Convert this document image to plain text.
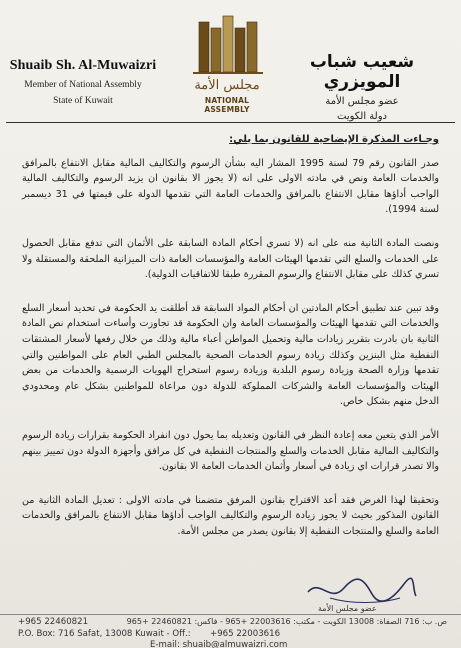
Shuaib Sh. Al-Muwaizri
Member of National Assembly
State of Kuwait
مجلس الأمة
NATIONAL ASSEMBLY
شعيب شباب المويزري
عضو مجلس الأمة
دولة الكويت

وجـاءت المذكرة الإيضاحية للقانون بما يلي:

صدر القانون رقم 79 لسنة 1995 المشار اليه بشأن الرسوم والتكاليف المالية مقابل الانتفاع بالمرافق والخدمات العامة ونص في مادته الاولى على انه (لا يجوز الا بقانون ان يزيد الرسوم والتكاليف المالية الواجب أداؤها مقابل الانتفاع بالمرافق والخدمات العامة التي تقدمها الدولة على قيمتها في 31 ديسمبر لسنة 1994).

ونصت المادة الثانية منه على انه (لا تسري أحكام المادة السابقة على الأثمان التي تدفع مقابل الحصول على الخدمات والسلع التي تقدمها الهيئات العامة والمؤسسات العامة ذات الميزانية الملحقة والمستقلة ولا تسري كذلك على مقابل الانتفاع والرسوم المقررة طبقا للاتفاقيات الدولية).

وقد تبين عند تطبيق أحكام المادتين ان أحكام المواد السابقة قد أطلقت يد الحكومة في تحديد أسعار السلع والخدمات التي تقدمها الهيئات والمؤسسات العامة وان الحكومة قد تجاوزت وأساءت استخدام نص المادة الثانية بان بادرت بتقرير زيادات مالية وتحميل المواطن أعباء مالية وذلك من خلال رفعها لأسعار المشتقات النفطية مثل البنزين وكذلك زيادة رسوم الخدمات الصحية بالمجلس الطبي العام على المواطنين والتي تقدمها وزارة الصحة وزيادة رسوم البلدية وزيادة رسوم استخراج الهويات الرسمية والخدمات من بعض الهيئات والمؤسسات العامة والشركات المملوكة للدولة دون مراعاة للمواطنين بشكل عام ومحدودي الدخل منهم بشكل خاص.

الأمر الذي يتعين معه إعادة النظر في القانون وتعديله بما يحول دون انفراد الحكومة بقرارات زيادة الرسوم والتكاليف المالية مقابل الخدمات والسلع والمنتجات النفطية في كل مرافق وأجهزة الدولة دون تمييز بينهم والا تصدر قرارات اي زيادة في أسعار وأثمان الخدمات العامة الا بقانون.

وتحقيقا لهذا الغرض فقد أعد الاقتراح بقانون المرفق متضمنا في مادته الاولى : تعديل المادة الثانية من القانون المذكور بحيث لا يجوز زيادة الرسوم والتكاليف الواجب أداؤها مقابل الانتفاع بالمرافق والخدمات العامة والسلع والمنتجات النفطية إلا بقانون يصدر من مجلس الأمة.

عضو مجلس الأمة
ص. ب: 716 الصفاة: 13008 الكويت - مكتب: 22003616 +965 - فاكس: 22460821 +965
+965 22460821
P.O. Box: 716 Safat, 13008 Kuwait - Off.: +965 22003616
E-mail: shuaib@almuwaizri.com
